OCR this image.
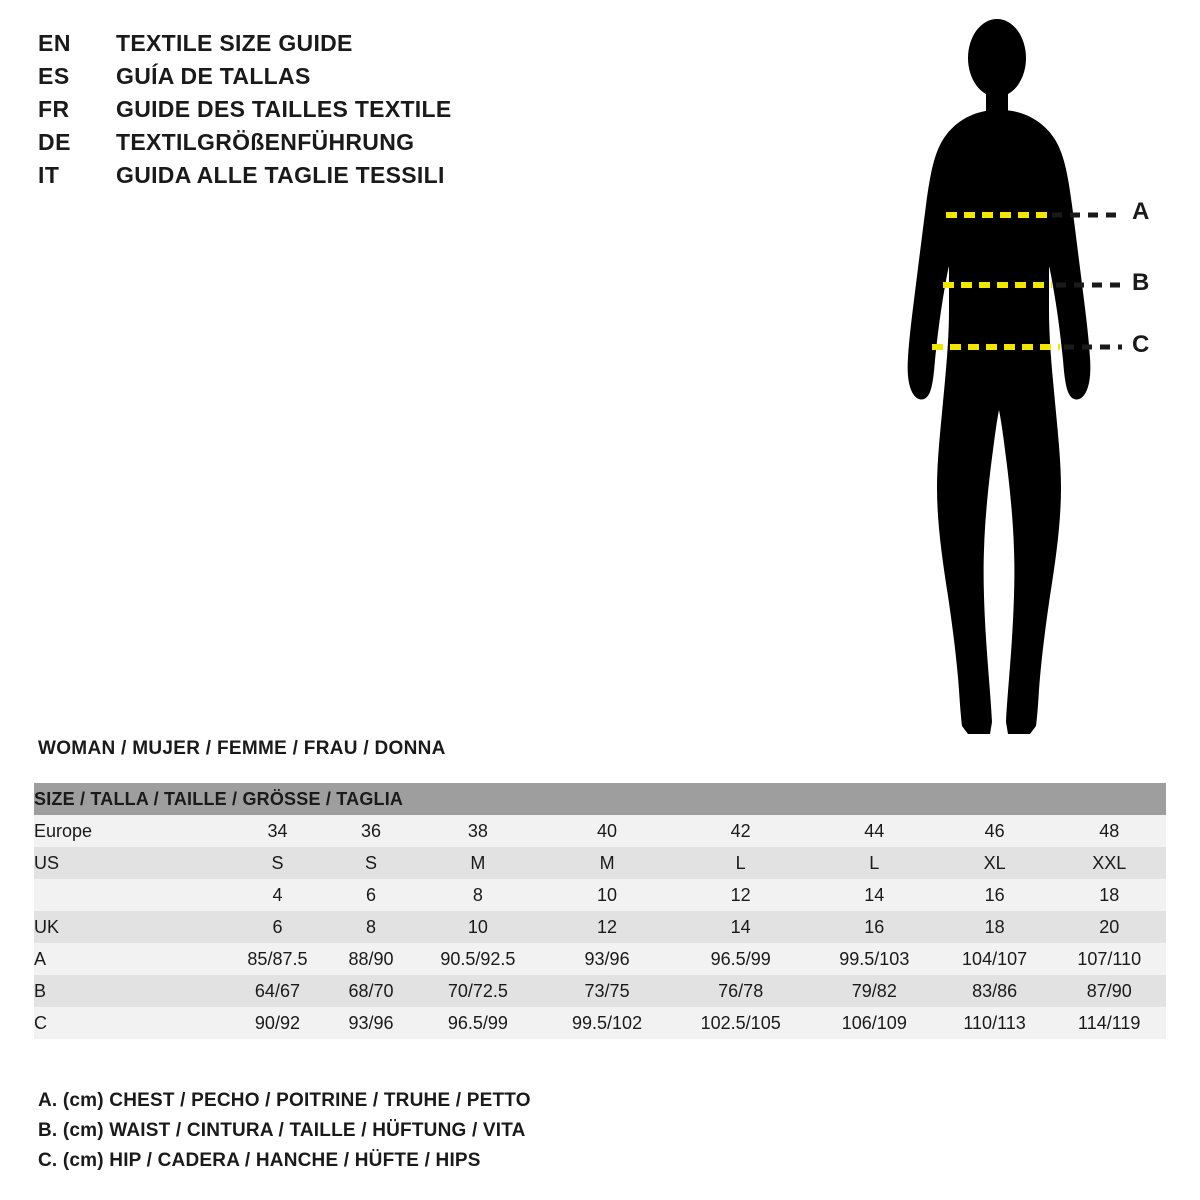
EN	TEXTILE SIZE GUIDE
ES	GUÍA DE TALLAS
FR	GUIDE DES TAILLES TEXTILE
DE	TEXTILGRÖßENFÜHRUNG
IT	GUIDA ALLE TAGLIE TESSILI
A
B
C
WOMAN / MUJER / FEMME / FRAU / DONNA
SIZE / TALLA / TAILLE / GRÖSSE / TAGLIA								
Europe	34	36	38	40	42	44	46	48
US	S	S	M	M	L	L	XL	XXL
	4	6	8	10	12	14	16	18
UK	6	8	10	12	14	16	18	20
A	85/87.5	88/90	90.5/92.5	93/96	96.5/99	99.5/103	104/107	107/110
B	64/67	68/70	70/72.5	73/75	76/78	79/82	83/86	87/90
C	90/92	93/96	96.5/99	99.5/102	102.5/105	106/109	110/113	114/119
A. (cm) CHEST / PECHO / POITRINE / TRUHE / PETTO
B. (cm) WAIST / CINTURA / TAILLE / HÜFTUNG / VITA
C. (cm) HIP / CADERA / HANCHE / HÜFTE / HIPS
